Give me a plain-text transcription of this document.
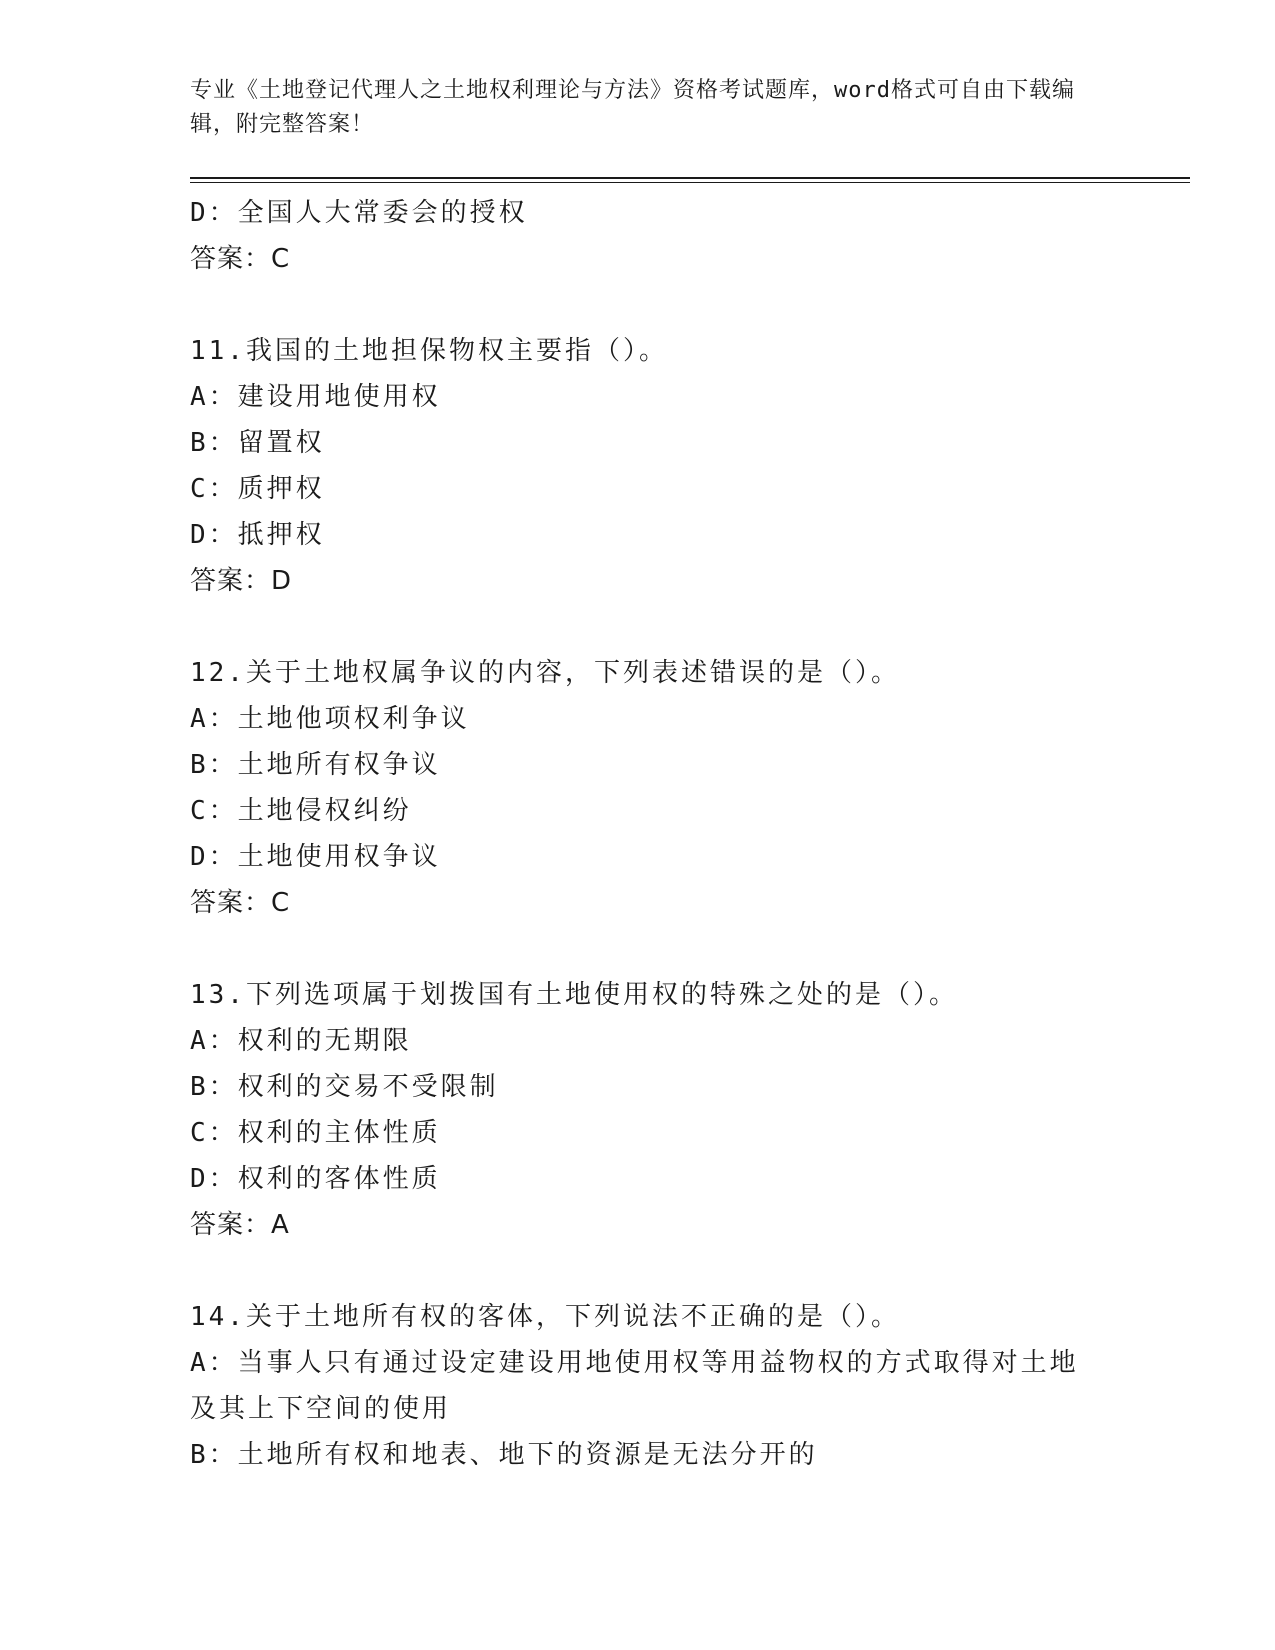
专业《土地登记代理人之土地权利理论与方法》资格考试题库，word格式可自由下载编辑，附完整答案！
D：全国人大常委会的授权
答案：C
11.我国的土地担保物权主要指（）。
A：建设用地使用权
B：留置权
C：质押权
D：抵押权
答案：D
12.关于土地权属争议的内容，下列表述错误的是（）。
A：土地他项权利争议
B：土地所有权争议
C：土地侵权纠纷
D：土地使用权争议
答案：C
13.下列选项属于划拨国有土地使用权的特殊之处的是（）。
A：权利的无期限
B：权利的交易不受限制
C：权利的主体性质
D：权利的客体性质
答案：A
14.关于土地所有权的客体，下列说法不正确的是（）。
A：当事人只有通过设定建设用地使用权等用益物权的方式取得对土地及其上下空间的使用
B：土地所有权和地表、地下的资源是无法分开的
